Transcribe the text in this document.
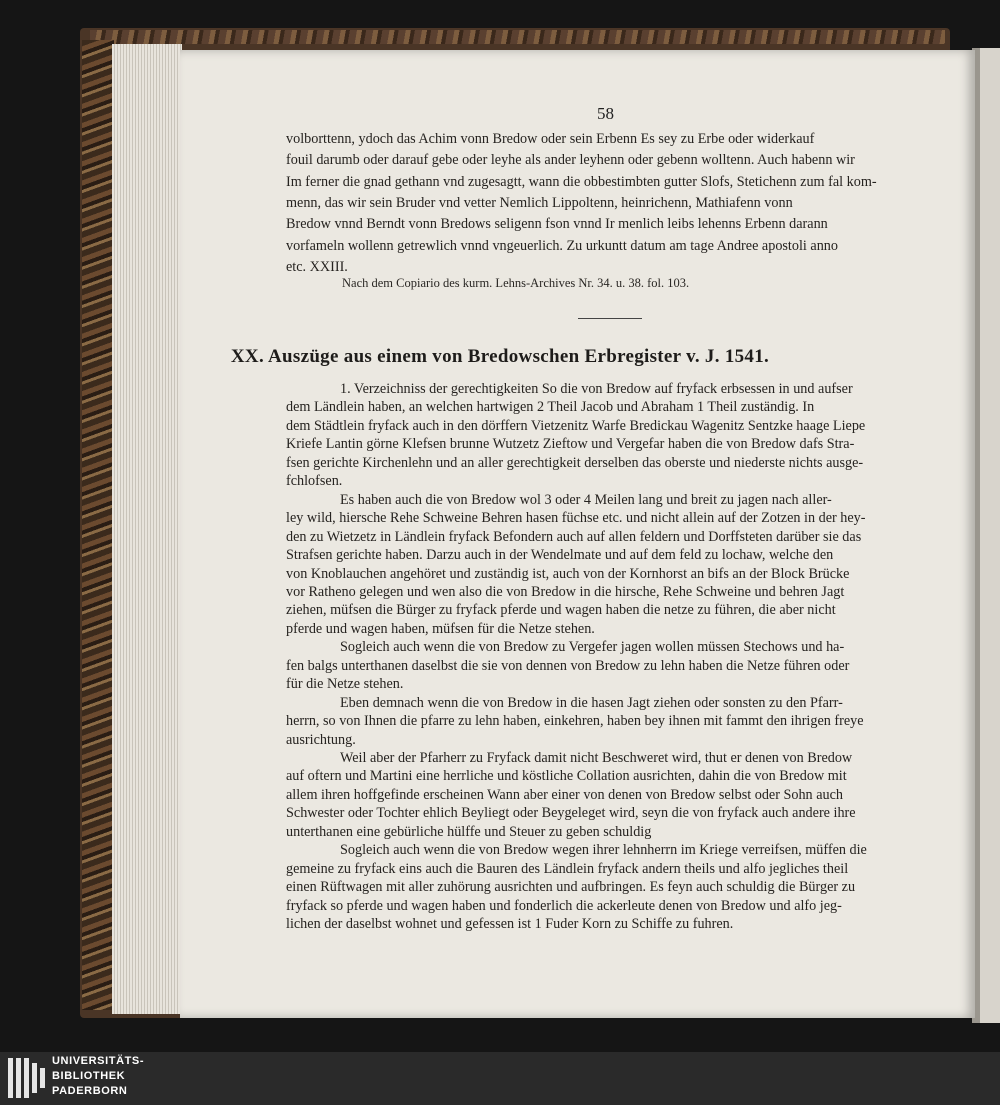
58
volborttenn, ydoch das Achim vonn Bredow oder sein Erbenn Es sey zu Erbe oder widerkauf
fouil darumb oder darauf gebe oder leyhe als ander leyhenn oder gebenn wolltenn. Auch habenn wir
Im ferner die gnad gethann vnd zugesagtt, wann die obbestimbten gutter Slofs, Stetichenn zum fal kom-
menn, das wir sein Bruder vnd vetter Nemlich Lippoltenn, heinrichenn, Mathiafenn vonn
Bredow vnnd Berndt vonn Bredows seligenn fson vnnd Ir menlich leibs lehenns Erbenn darann
vorfameln wollenn getrewlich vnnd vngeuerlich. Zu urkuntt datum am tage Andree apostoli anno
etc. XXIII.
Nach dem Copiario des kurm. Lehns-Archives Nr. 34. u. 38. fol. 103.
XX. Auszüge aus einem von Bredowschen Erbregister v. J. 1541.
1. Verzeichniss der gerechtigkeiten So die von Bredow auf fryfack erbsessen in und aufser
dem Ländlein haben, an welchen hartwigen 2 Theil Jacob und Abraham 1 Theil zuständig. In
dem Städtlein fryfack auch in den dörffern Vietzenitz Warfe Bredickau Wagenitz Sentzke haage Liepe
Kriefe Lantin görne Klefsen brunne Wutzetz Zieftow und Vergefar haben die von Bredow dafs Stra-
fsen gerichte Kirchenlehn und an aller gerechtigkeit derselben das oberste und niederste nichts ausge-
fchlofsen.
Es haben auch die von Bredow wol 3 oder 4 Meilen lang und breit zu jagen nach aller-
ley wild, hiersche Rehe Schweine Behren hasen füchse etc. und nicht allein auf der Zotzen in der hey-
den zu Wietzetz in Ländlein fryfack Befondern auch auf allen feldern und Dorffsteten darüber sie das
Strafsen gerichte haben. Darzu auch in der Wendelmate und auf dem feld zu lochaw, welche den
von Knoblauchen angehöret und zuständig ist, auch von der Kornhorst an bifs an der Block Brücke
vor Ratheno gelegen und wen also die von Bredow in die hirsche, Rehe Schweine und behren Jagt
ziehen, müfsen die Bürger zu fryfack pferde und wagen haben die netze zu führen, die aber nicht
pferde und wagen haben, müfsen für die Netze stehen.
Sogleich auch wenn die von Bredow zu Vergefer jagen wollen müssen Stechows und ha-
fen balgs unterthanen daselbst die sie von dennen von Bredow zu lehn haben die Netze führen oder
für die Netze stehen.
Eben demnach wenn die von Bredow in die hasen Jagt ziehen oder sonsten zu den Pfarr-
herrn, so von Ihnen die pfarre zu lehn haben, einkehren, haben bey ihnen mit fammt den ihrigen freye
ausrichtung.
Weil aber der Pfarherr zu Fryfack damit nicht Beschweret wird, thut er denen von Bredow
auf oftern und Martini eine herrliche und köstliche Collation ausrichten, dahin die von Bredow mit
allem ihren hoffgefinde erscheinen Wann aber einer von denen von Bredow selbst oder Sohn auch
Schwester oder Tochter ehlich Beyliegt oder Beygeleget wird, seyn die von fryfack auch andere ihre
unterthanen eine gebürliche hülffe und Steuer zu geben schuldig
Sogleich auch wenn die von Bredow wegen ihrer lehnherrn im Kriege verreifsen, müffen die
gemeine zu fryfack eins auch die Bauren des Ländlein fryfack andern theils und alfo jegliches theil
einen Rüftwagen mit aller zuhörung ausrichten und aufbringen. Es feyn auch schuldig die Bürger zu
fryfack so pferde und wagen haben und fonderlich die ackerleute denen von Bredow und alfo jeg-
lichen der daselbst wohnet und gefessen ist 1 Fuder Korn zu Schiffe zu fuhren.
UNIVERSITÄTS-
BIBLIOTHEK
PADERBORN
